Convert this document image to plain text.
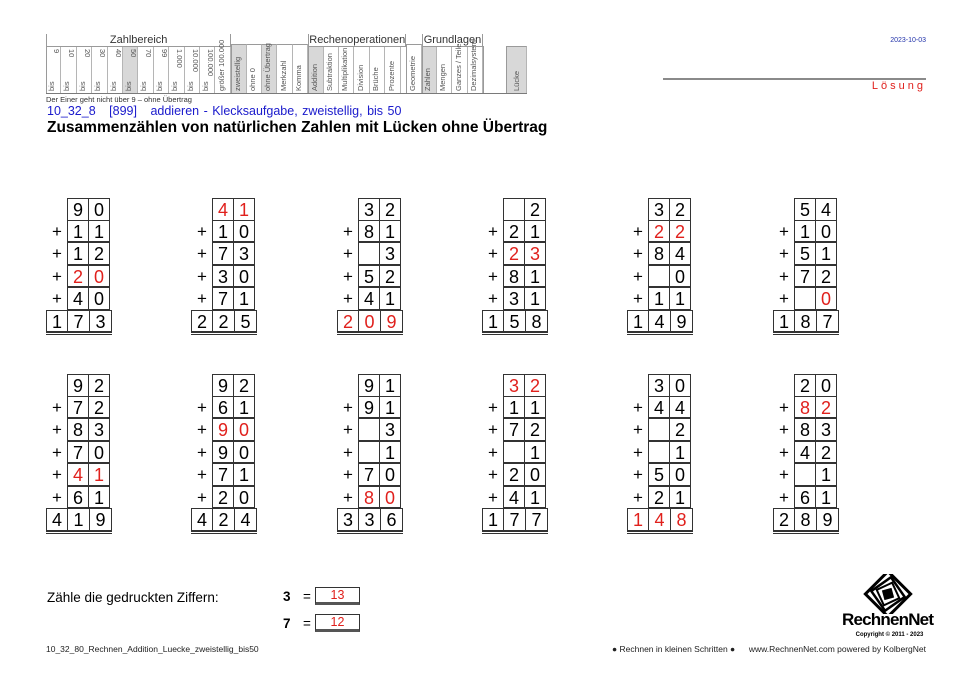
Zahlbereich
9
bis
10
bis
20
bis
30
bis
40
bis
50
bis
70
bis
99
bis
1.000
bis
10.000
bis
100.000
bis größer 100.000 zweistellig ohne 0 ohne Übertrag Merkzahl Komma
Rechenoperationen
Addition Subtraktion Multiplikation Division Brüche Prozente Geometrie
Grundlagen
Zahlen Mengen Ganzes / Teile Dezimalsystem	Lücke
Der Einer geht nicht über 9 – ohne Übertrag
2023-10-03
Lösung
10_32_8 [899] addieren - Klecksaufgabe, zweistellig, bis 50
Zusammenzählen von natürlichen Zahlen mit Lücken ohne Übertrag
9 0
+ 1 1
+ 1 2
+ 2 0
+ 4 0
1 7 3
4 1
+ 1 0
+ 7 3
+ 3 0
+ 7 1
2 2 5
3 2
+ 8 1
+	3
+ 5 2
+ 4 1
2 0 9
2
+ 2 1
+ 2 3
+ 8 1
+ 3 1
1 5 8
3 2
+ 2 2
+ 8 4
+	0
+ 1 1
1 4 9
5 4
+ 1 0
+ 5 1
+ 7 2
+	0
1 8 7
9 2
+ 7 2
+ 8 3
+ 7 0
+ 4 1
+ 6 1
4 1 9
9 2
+ 6 1
+ 9 0
+ 9 0
+ 7 1
+ 2 0
4 2 4
9 1
+ 9 1
+	3
+	1
+ 7 0
+ 8 0
3 3 6
3 2
+ 1 1
+ 7 2
+	1
+ 2 0
+ 4 1
1 7 7
3 0
+ 4 4
+	2
+	1
+ 5 0
+ 2 1
1 4 8
2 0
+ 8 2
+ 8 3
+ 4 2
+	1
+ 6 1
2 8 9
Zähle die gedruckten Ziffern:	3 =	13
7 =	12
10_32_80_Rechnen_Addition_Luecke_zweistellig_bis50	● Rechnen in kleinen Schritten ● www.RechnenNet.com powered by KolbergNet
RechnenNet
Copyright © 2011 - 2023
